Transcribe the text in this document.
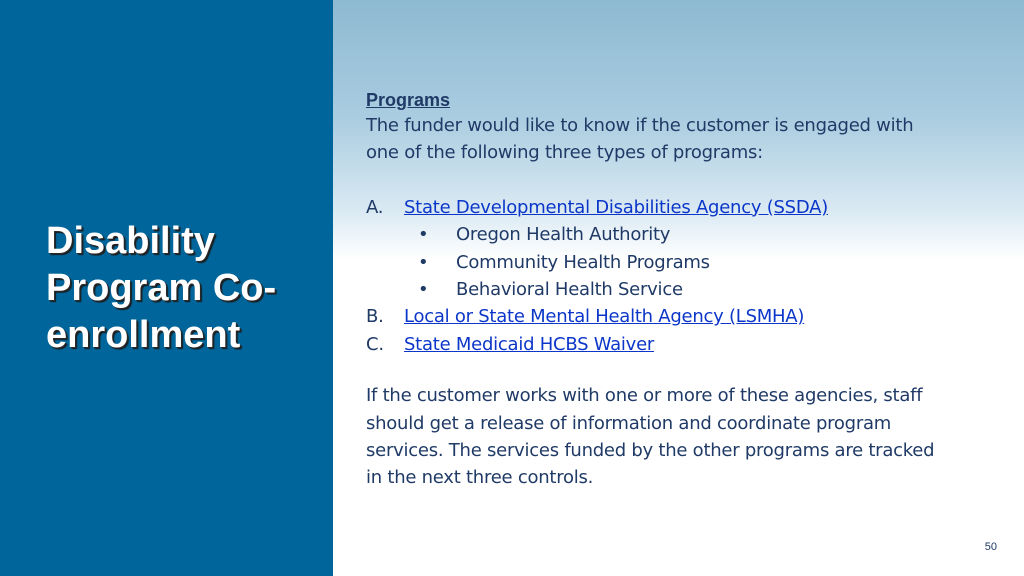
Disability
Program Co-
enrollment
Programs

The funder would like to know if the customer is engaged with
one of the following three types of programs:

A. State Developmental Disabilities Agency (SSDA)
• Oregon Health Authority
• Community Health Programs
• Behavioral Health Service
B. Local or State Mental Health Agency (LSMHA)
C. State Medicaid HCBS Waiver

If the customer works with one or more of these agencies, staff
should get a release of information and coordinate program
services. The services funded by the other programs are tracked
in the next three controls.

50
